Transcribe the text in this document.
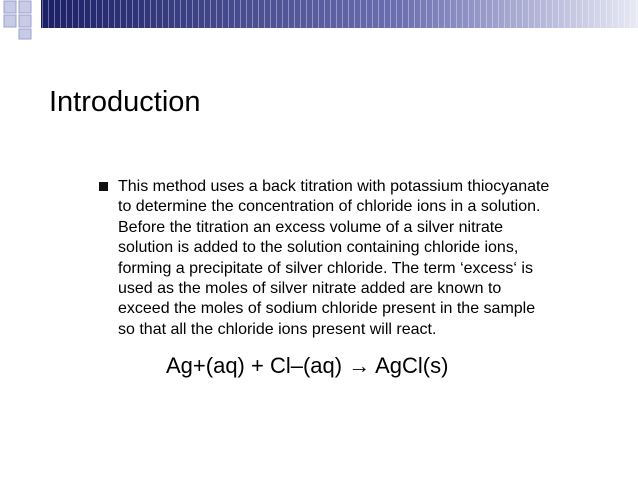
Introduction
This method uses a back titration with potassium thiocyanate
to determine the concentration of chloride ions in a solution.
Before the titration an excess volume of a silver nitrate
solution is added to the solution containing chloride ions,
forming a precipitate of silver chloride. The term ‘excess‘ is
used as the moles of silver nitrate added are known to
exceed the moles of sodium chloride present in the sample
so that all the chloride ions present will react.
Ag+(aq) + Cl–(aq) → AgCl(s)
